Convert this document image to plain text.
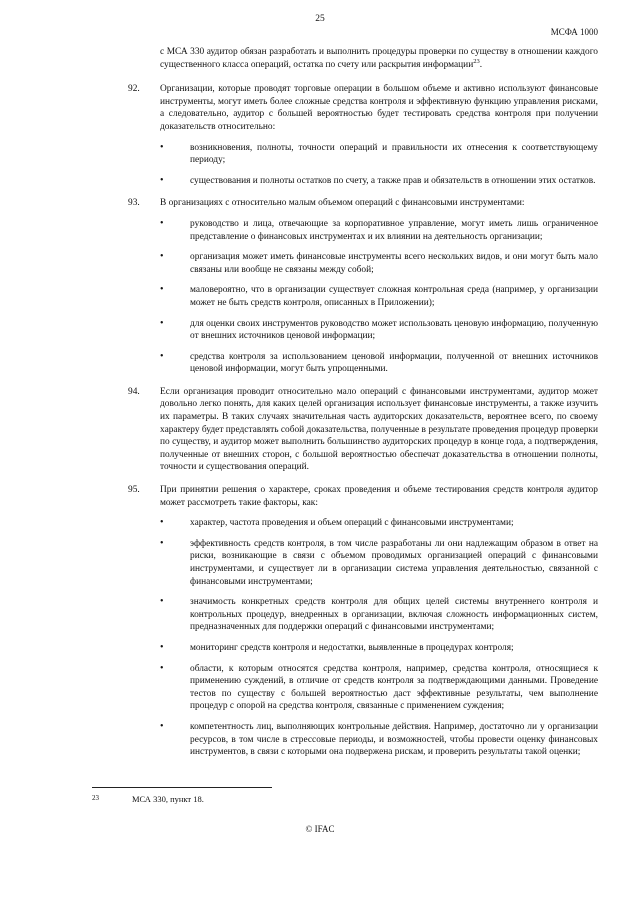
25
МСФА 1000

с МСА 330 аудитор обязан разработать и выполнить процедуры проверки по существу в отношении каждого существенного класса операций, остатка по счету или раскрытия информации$^{23}$.

92. Организации, которые проводят торговые операции в большом объеме и активно используют финансовые инструменты, могут иметь более сложные средства контроля и эффективную функцию управления рисками, а следовательно, аудитор с большей вероятностью будет тестировать средства контроля при получении доказательств относительно:

• возникновения, полноты, точности операций и правильности их отнесения к соответствующему периоду;
• существования и полноты остатков по счету, а также прав и обязательств в отношении этих остатков.
93. В организациях с относительно малым объемом операций с финансовыми инструментами:

• руководство и лица, отвечающие за корпоративное управление, могут иметь лишь ограниченное представление о финансовых инструментах и их влиянии на деятельность организации;
• организация может иметь финансовые инструменты всего нескольких видов, и они могут быть мало связаны или вообще не связаны между собой;
• маловероятно, что в организации существует сложная контрольная среда (например, у организации может не быть средств контроля, описанных в Приложении);
• для оценки своих инструментов руководство может использовать ценовую информацию, полученную от внешних источников ценовой информации;
• средства контроля за использованием ценовой информации, полученной от внешних источников ценовой информации, могут быть упрощенными.
94. Если организация проводит относительно мало операций с финансовыми инструментами, аудитор может довольно легко понять, для каких целей организация использует финансовые инструменты, а также изучить их параметры. В таких случаях значительная часть аудиторских доказательств, вероятнее всего, по своему характеру будет представлять собой доказательства, полученные в результате проведения процедур проверки по существу, и аудитор может выполнить большинство аудиторских процедур в конце года, а подтверждения, полученные от внешних сторон, с большой вероятностью обеспечат доказательства в отношении полноты, точности и существования операций.

95. При принятии решения о характере, сроках проведения и объеме тестирования средств контроля аудитор может рассмотреть такие факторы, как:

• характер, частота проведения и объем операций с финансовыми инструментами;
• эффективность средств контроля, в том числе разработаны ли они надлежащим образом в ответ на риски, возникающие в связи с объемом проводимых организацией операций с финансовыми инструментами, и существует ли в организации система управления деятельностью, связанной с финансовыми инструментами;
• значимость конкретных средств контроля для общих целей системы внутреннего контроля и контрольных процедур, внедренных в организации, включая сложность информационных систем, предназначенных для поддержки операций с финансовыми инструментами;
• мониторинг средств контроля и недостатки, выявленные в процедурах контроля;
• области, к которым относятся средства контроля, например, средства контроля, относящиеся к применению суждений, в отличие от средств контроля за подтверждающими данными. Проведение тестов по существу с большей вероятностью даст эффективные результаты, чем выполнение процедур с опорой на средства контроля, связанные с применением суждения;
• компетентность лиц, выполняющих контрольные действия. Например, достаточно ли у организации ресурсов, в том числе в стрессовые периоды, и возможностей, чтобы провести оценку финансовых инструментов, в связи с которыми она подвержена рискам, и проверить результаты такой оценки;
23	МСА 330, пункт 18.
© IFAC
